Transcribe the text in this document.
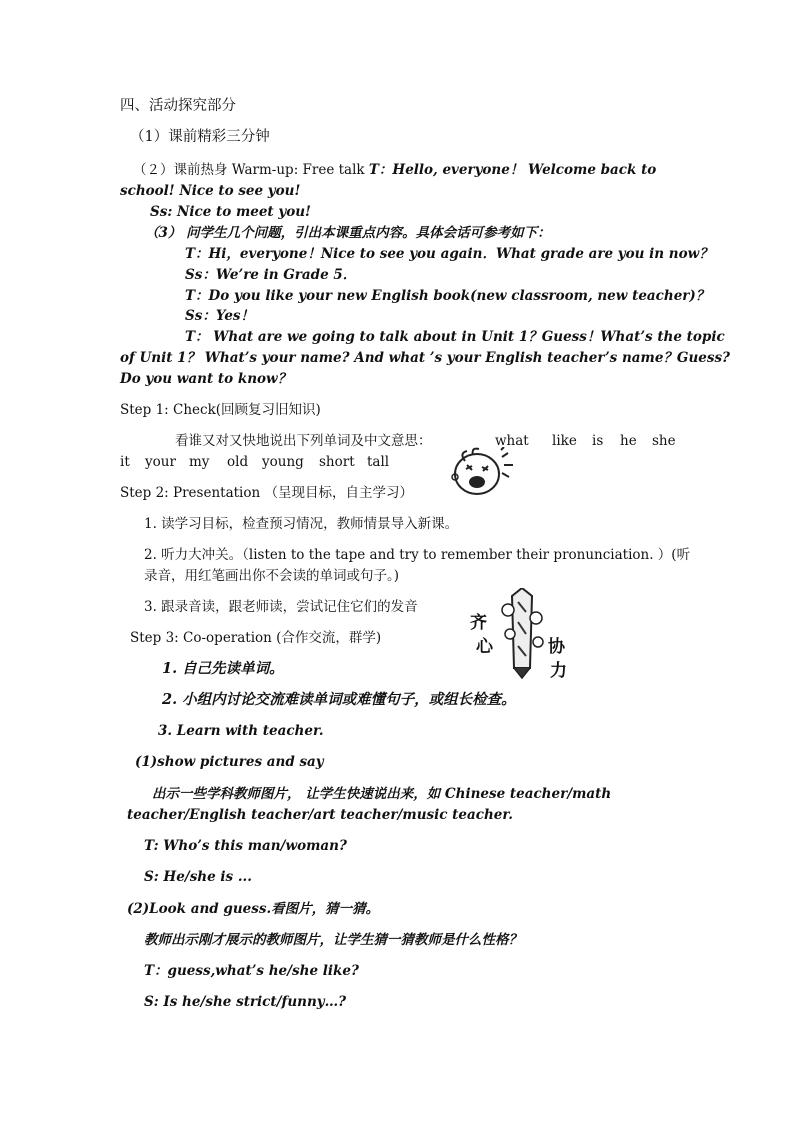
四、活动探究部分
（1）课前精彩三分钟
（２）课前热身 Warm-up: Free talk T：Hello, everyone！ Welcome back to
school! Nice to see you!
Ss: Nice to meet you!
（3） 问学生几个问题，引出本课重点内容。具体会话可参考如下：
T：Hi，everyone！Nice to see you again．What grade are you in now？
Ss：We’re in Grade 5．
T：Do you like your new English book(new classroom, new teacher)？
Ss：Yes！
T： What are we going to talk about in Unit 1？Guess！What’s the topic
of Unit 1？ What’s your name? And what ’s your English teacher’s name？Guess?
Do you want to know？
Step 1: Check(回顾复习旧知识)
看谁又对又快地说出下列单词及中文意思：	what like is he she
it your my old young short tall
Step 2: Presentation （呈现目标，自主学习）
1. 读学习目标，检查预习情况，教师情景导入新课。
2. 听力大冲关。（listen to the tape and try to remember their pronunciation. ）(听
录音，用红笔画出你不会读的单词或句子。)
3. 跟录音读，跟老师读，尝试记住它们的发音
齐
心	协
力
Step 3: Co-operation (合作交流，群学)
1. 自己先读单词。
2. 小组内讨论交流难读单词或难懂句子，或组长检查。
3. Learn with teacher.
(1)show pictures and say
出示一些学科教师图片， 让学生快速说出来，如 Chinese teacher/math
teacher/English teacher/art teacher/music teacher.
T: Who’s this man/woman?
S: He/she is ...
(2)Look and guess.看图片，猜一猜。
教师出示刚才展示的教师图片，让学生猜一猜教师是什么性格？
T：guess,what’s he/she like?
S: Is he/she strict/funny…?
